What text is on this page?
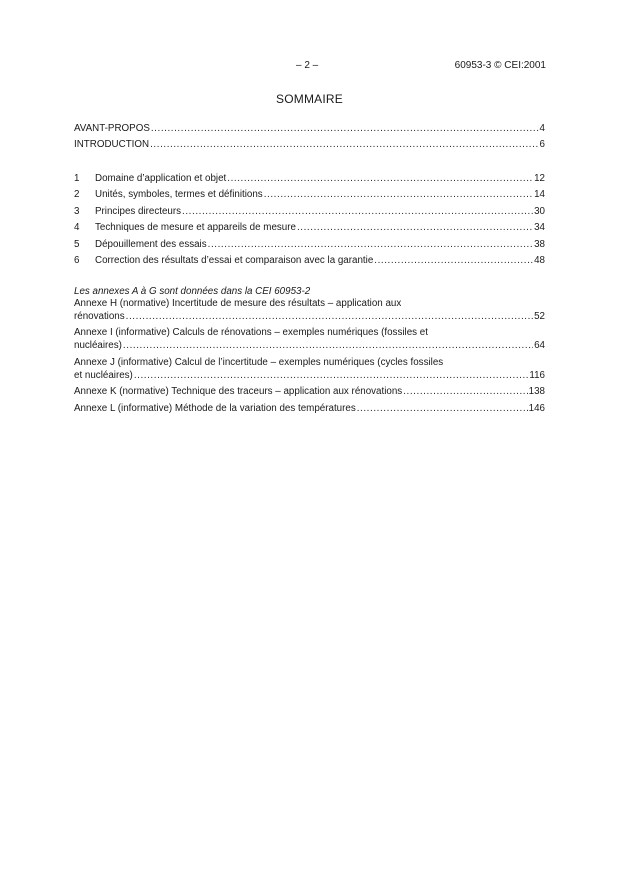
– 2 –	60953-3 © CEI:2001
SOMMAIRE
AVANT-PROPOS .....	4
INTRODUCTION .....	6
1 Domaine d’application et objet .....	12
2 Unités, symboles, termes et définitions .....	14
3 Principes directeurs .....	30
4 Techniques de mesure et appareils de mesure .....	34
5 Dépouillement des essais .....	38
6 Correction des résultats d’essai et comparaison avec la garantie .....	48
Les annexes A à G sont données dans la CEI 60953-2
Annexe H (normative) Incertitude de mesure des résultats – application aux
rénovations .....	52
Annexe I (informative) Calculs de rénovations – exemples numériques (fossiles et
nucléaires) .....	64
Annexe J (informative) Calcul de l’incertitude – exemples numériques (cycles fossiles
et nucléaires) .....	116
Annexe K (normative) Technique des traceurs – application aux rénovations .....	138
Annexe L (informative) Méthode de la variation des températures .....	146
